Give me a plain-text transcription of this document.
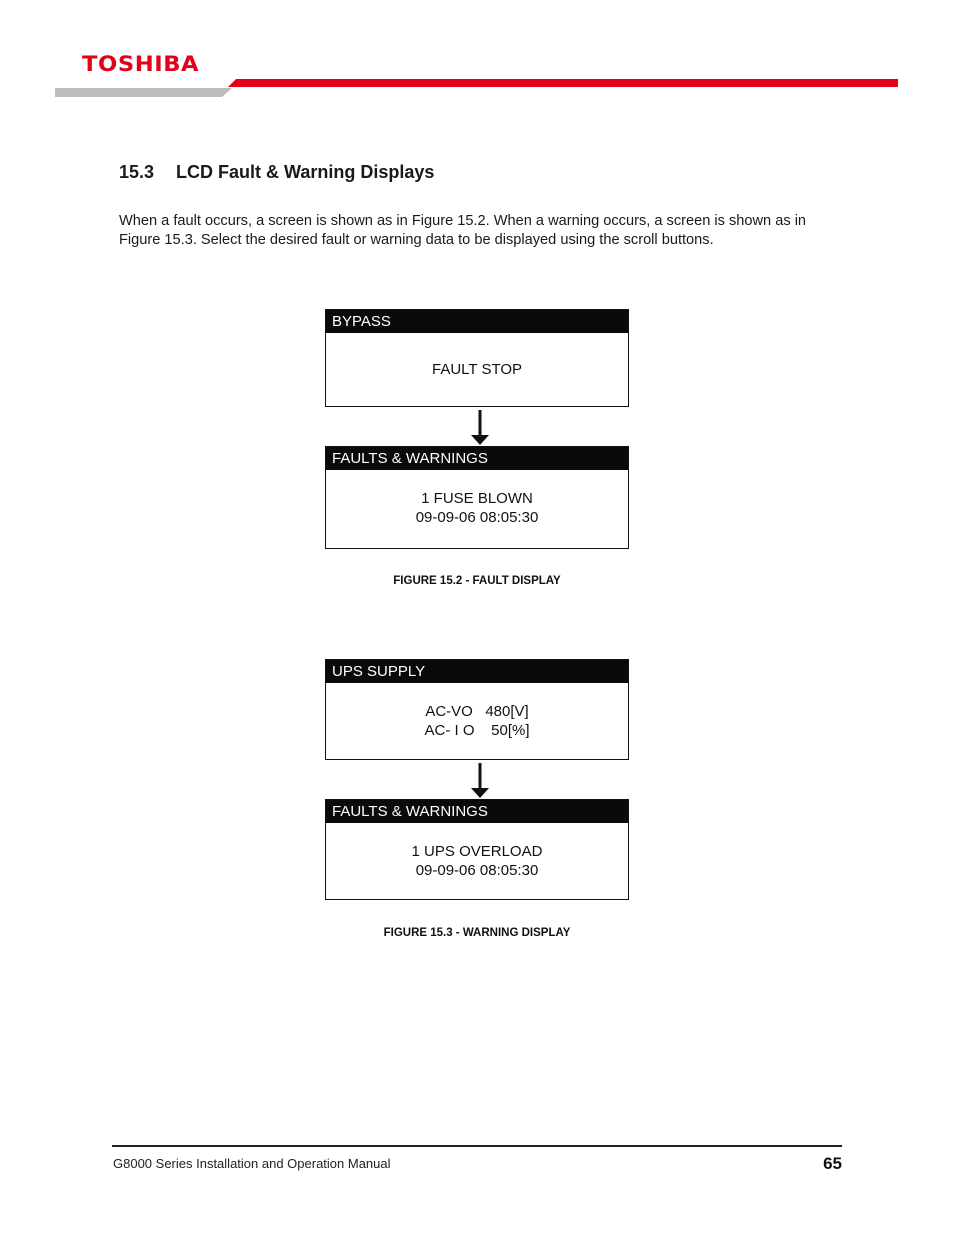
TOSHIBA
15.3 LCD Fault & Warning Displays
When a fault occurs, a screen is shown as in Figure 15.2. When a warning occurs, a screen is shown as in Figure 15.3. Select the desired fault or warning data to be displayed using the scroll buttons.
BYPASS
FAULT STOP
FAULTS & WARNINGS
1 FUSE BLOWN
09-09-06 08:05:30
FIGURE 15.2 - FAULT DISPLAY
UPS SUPPLY
AC-VO   480[V]
AC- I O    50[%]
FAULTS & WARNINGS
1 UPS OVERLOAD
09-09-06 08:05:30
FIGURE 15.3 - WARNING DISPLAY
G8000 Series Installation and Operation Manual	65
